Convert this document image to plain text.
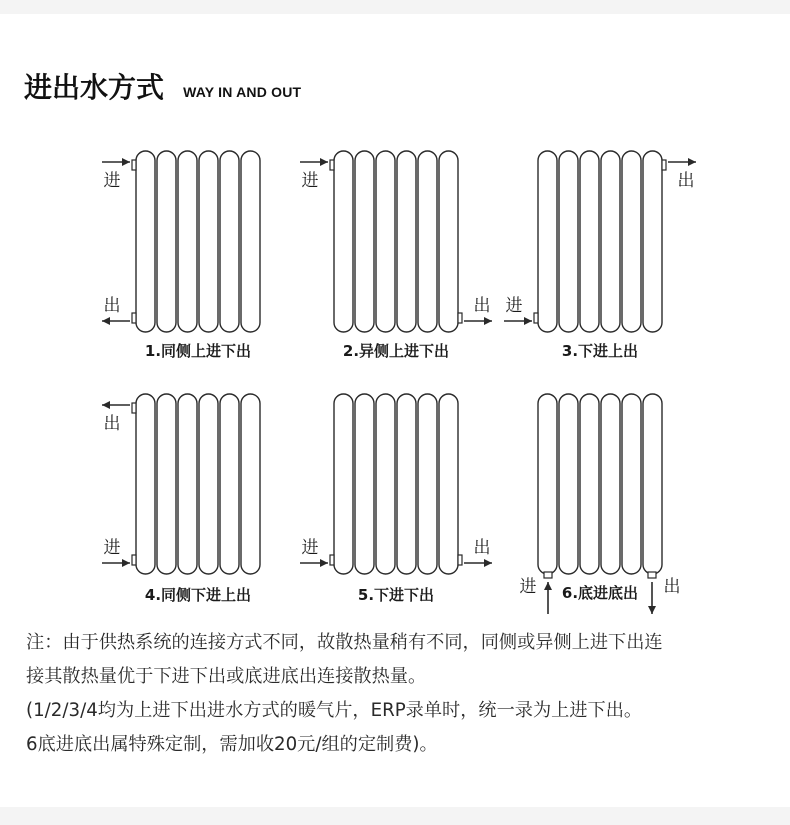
进出水方式 WAY IN AND OUT
进
出
1.同侧上进下出
进
出
2.异侧上进下出
进
出
3.下进上出
进
出
4.同侧下进上出
进	出
5.下进下出	进	出
6.底进底出
注：由于供热系统的连接方式不同，故散热量稍有不同，同侧或异侧上进下出连
接其散热量优于下进下出或底进底出连接散热量。
(1/2/3/4均为上进下出进水方式的暖气片，ERP录单时，统一录为上进下出。
6底进底出属特殊定制，需加收20元/组的定制费)。
